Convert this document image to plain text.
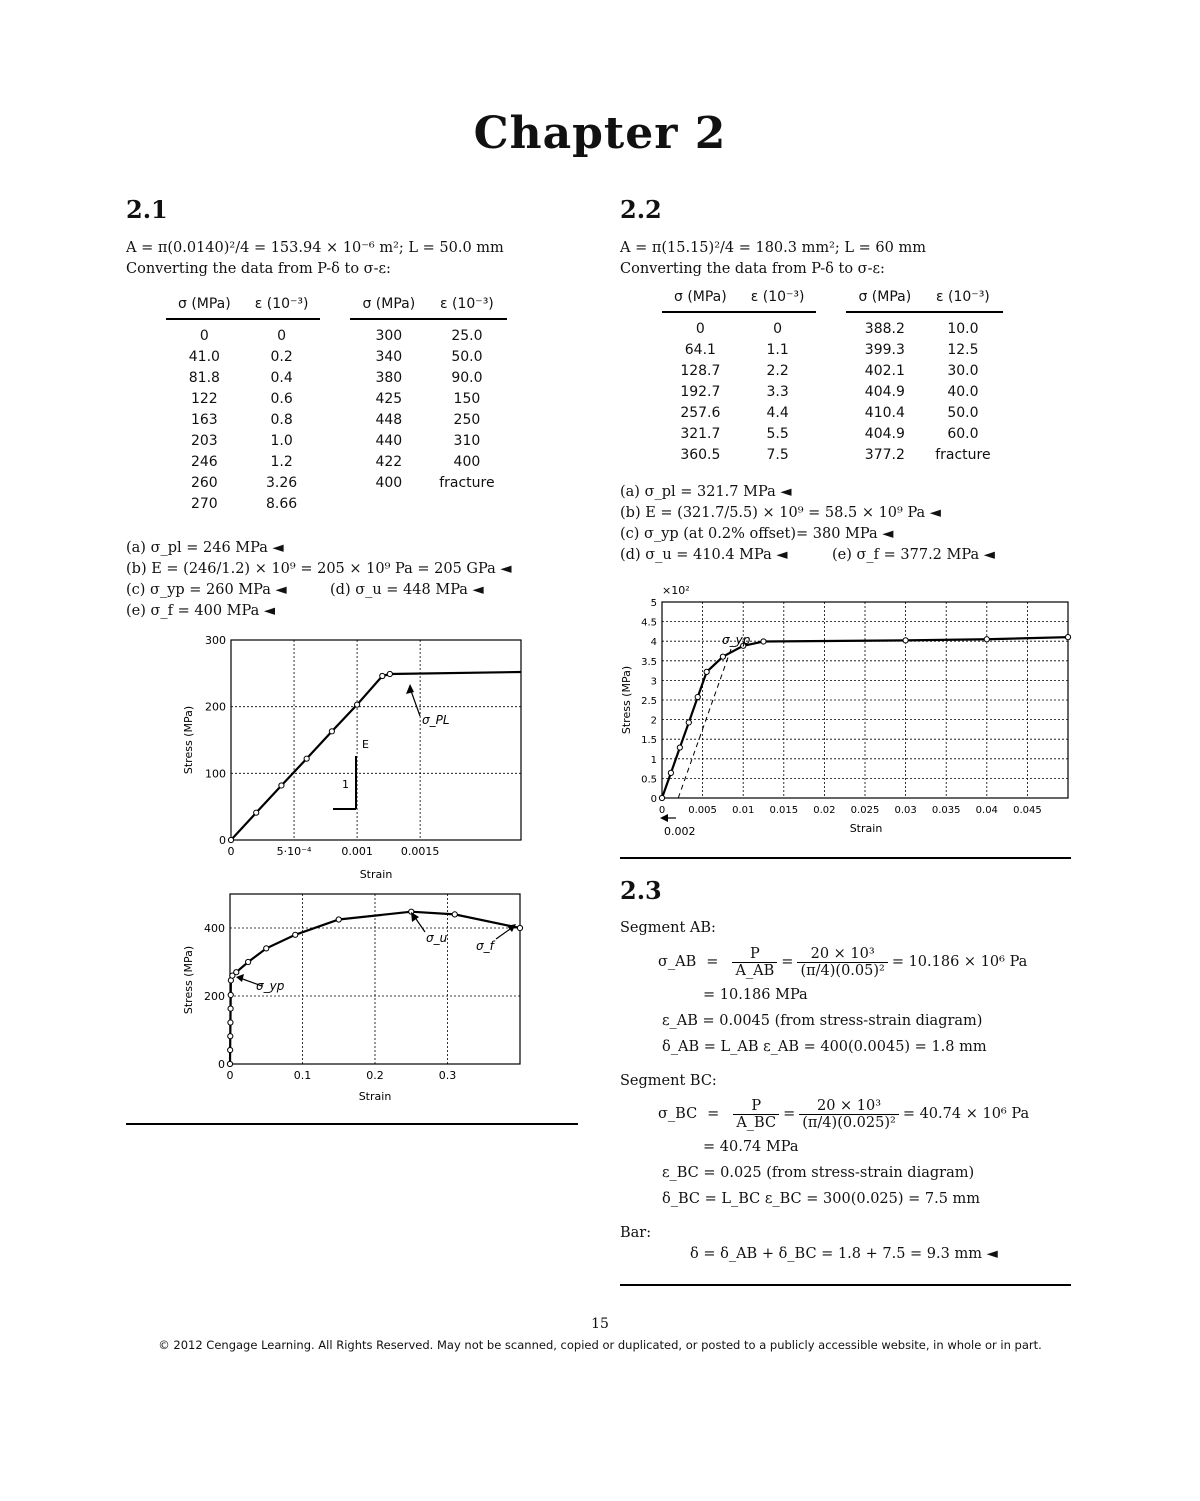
Chapter 2
2.1
A = π(0.0140)²/4 = 153.94 × 10⁻⁶ m²; L = 50.0 mm
Converting the data from P-δ to σ-ε:
σ (MPa)	ε (10⁻³)		σ (MPa)	ε (10⁻³)
0	0		300	25.0
41.0	0.2		340	50.0
81.8	0.4		380	90.0
122	0.6		425	150
163	0.8		448	250
203	1.0		440	310
246	1.2		422	400
260	3.26		400	fracture
270	8.66			
(a) σ_pl = 246 MPa ◄
(b) E = (246/1.2) × 10⁹ = 205 × 10⁹ Pa = 205 GPa ◄
(c) σ_yp = 260 MPa ◄	(d) σ_u = 448 MPa ◄
(e) σ_f = 400 MPa ◄
0	5·10⁻⁴	0.001	0.0015
0
100
200
300
E
1
σ_PL
Stress (MPa)
Strain
0	0.1	0.2	0.3
0
200
400
σ_yp
σ_u
σ_f
Stress (MPa)
Strain
2.2
A = π(15.15)²/4 = 180.3 mm²; L = 60 mm
Converting the data from P-δ to σ-ε:
σ (MPa)	ε (10⁻³)		σ (MPa)	ε (10⁻³)
0	0		388.2	10.0
64.1	1.1		399.3	12.5
128.7	2.2		402.1	30.0
192.7	3.3		404.9	40.0
257.6	4.4		410.4	50.0
321.7	5.5		404.9	60.0
360.5	7.5		377.2	fracture
(a) σ_pl = 321.7 MPa ◄
(b) E = (321.7/5.5) × 10⁹ = 58.5 × 10⁹ Pa ◄
(c) σ_yp (at 0.2% offset)= 380 MPa ◄
(d) σ_u = 410.4 MPa ◄	(e) σ_f = 377.2 MPa ◄
0 0.005 0.01 0.015 0.02 0.025 0.03 0.035 0.04 0.045
0
0.5
1
1.5
2
2.5
3
3.5
4
4.5
5
×10²
σ_yp
0.002
Stress (MPa)
Strain
2.3
Segment AB:
σ_AB = $\frac{P}{A\_AB} = \frac{\text{20 × 10³}}{\text{(π/4)(0.05)²}} = 10.186 \times 10^6$ Pa
= 10.186 MPa
ε_AB = 0.0045 (from stress-strain diagram)
δ_AB = L_AB ε_AB = 400(0.0045) = 1.8 mm
Segment BC:
σ_BC = $\frac{P}{A\_BC} = \frac{\text{20 × 10³}}{\text{(π/4)(0.025)²}} = 40.74 \times 10^6$ Pa
= 40.74 MPa
ε_BC = 0.025 (from stress-strain diagram)
δ_BC = L_BC ε_BC = 300(0.025) = 7.5 mm
Bar:
δ = δ_AB + δ_BC = 1.8 + 7.5 = 9.3 mm ◄
15
© 2012 Cengage Learning. All Rights Reserved. May not be scanned, copied or duplicated, or posted to a publicly accessible website, in whole or in part.
